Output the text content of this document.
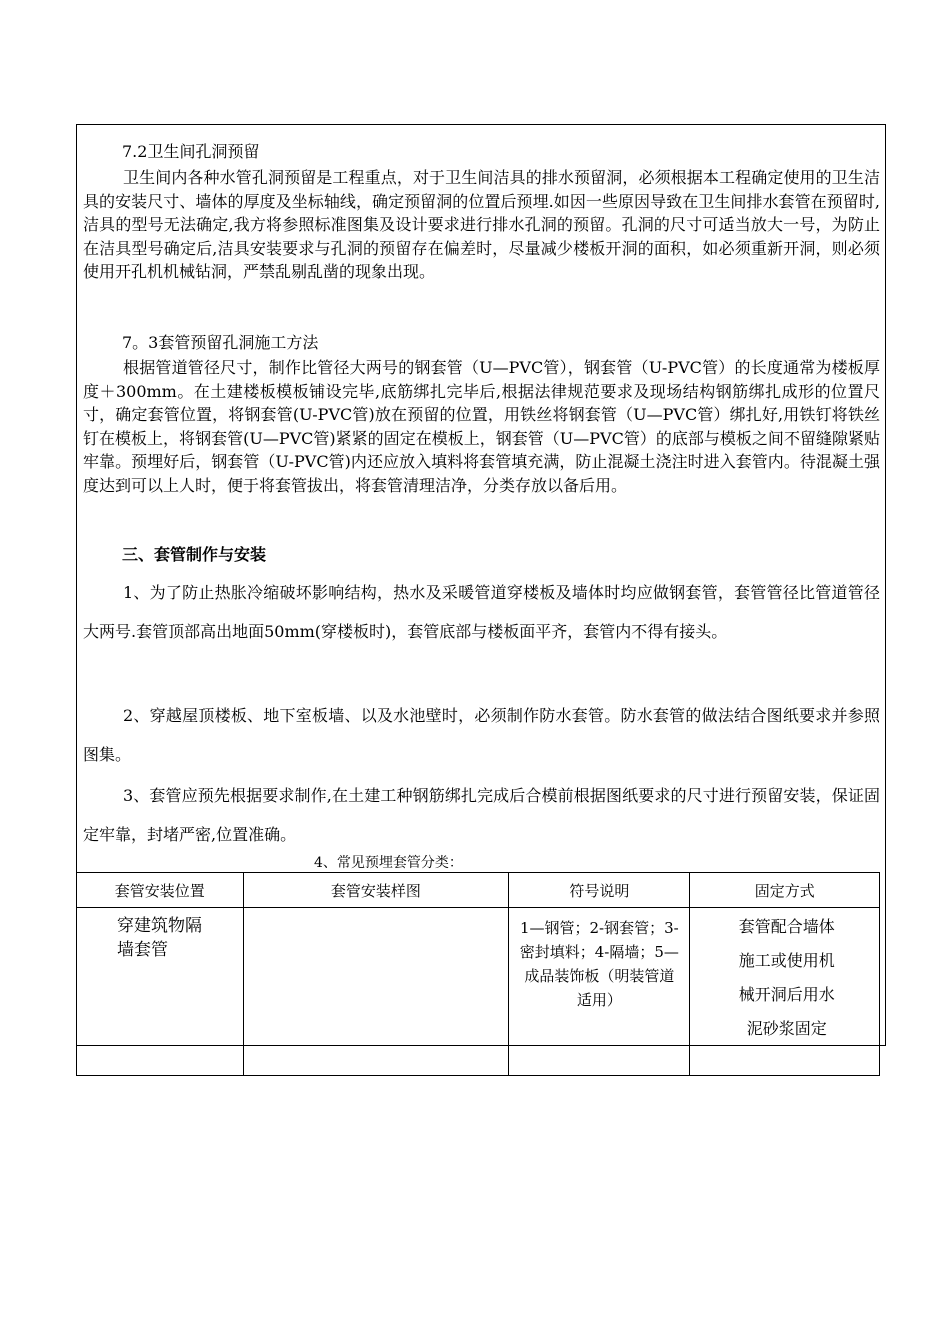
7.2卫生间孔洞预留

卫生间内各种水管孔洞预留是工程重点，对于卫生间洁具的排水预留洞，必须根据本工程确定使用的卫生洁具的安装尺寸、墙体的厚度及坐标轴线，确定预留洞的位置后预埋.如因一些原因导致在卫生间排水套管在预留时,洁具的型号无法确定,我方将参照标准图集及设计要求进行排水孔洞的预留。孔洞的尺寸可适当放大一号，为防止在洁具型号确定后,洁具安装要求与孔洞的预留存在偏差时，尽量减少楼板开洞的面积，如必须重新开洞，则必须使用开孔机机械钻洞，严禁乱剔乱凿的现象出现。

7。3套管预留孔洞施工方法

根据管道管径尺寸，制作比管径大两号的钢套管（U—PVC管），钢套管（U-PVC管）的长度通常为楼板厚度＋300mm。在土建楼板模板铺设完毕,底筋绑扎完毕后,根据法律规范要求及现场结构钢筋绑扎成形的位置尺寸，确定套管位置，将钢套管(U-PVC管)放在预留的位置，用铁丝将钢套管（U—PVC管）绑扎好,用铁钉将铁丝钉在模板上，将钢套管(U—PVC管)紧紧的固定在模板上，钢套管（U—PVC管）的底部与模板之间不留缝隙紧贴牢靠。预埋好后，钢套管（U-PVC管)内还应放入填料将套管填充满，防止混凝土浇注时进入套管内。待混凝土强度达到可以上人时，便于将套管拔出，将套管清理洁净，分类存放以备后用。

三、套管制作与安装

1、为了防止热胀冷缩破坏影响结构，热水及采暖管道穿楼板及墙体时均应做钢套管，套管管径比管道管径大两号.套管顶部高出地面50mm(穿楼板时)，套管底部与楼板面平齐，套管内不得有接头。

2、穿越屋顶楼板、地下室板墙、以及水池壁时，必须制作防水套管。防水套管的做法结合图纸要求并参照图集。

3、套管应预先根据要求制作,在土建工种钢筋绑扎完成后合模前根据图纸要求的尺寸进行预留安装，保证固定牢靠，封堵严密,位置准确。

4、常见预埋套管分类：
套管安装位置	套管安装样图	符号说明	固定方式

穿建筑物隔墙套管		1—钢管；2-钢套管；3-密封填料；4-隔墙；5—成品装饰板（明装管道适用）	套管配合墙体施工或使用机械开洞后用水泥砂浆固定
